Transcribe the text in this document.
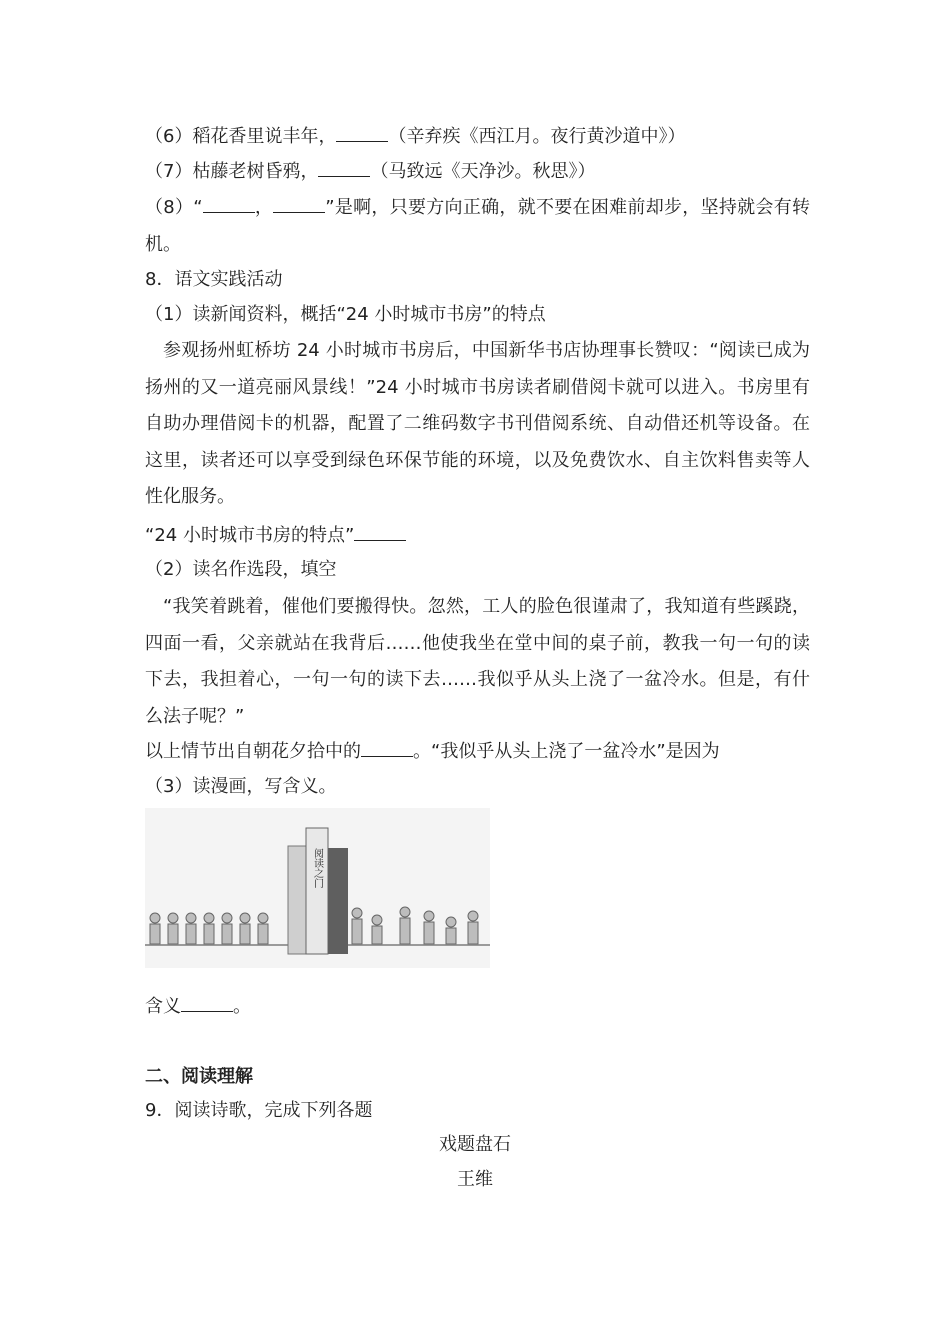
（6）稻花香里说丰年，	（辛弃疾《西江月。夜行黄沙道中》）
（7）枯藤老树昏鸦，	（马致远《天净沙。秋思》）
（8）“	，	”是啊，只要方向正确，就不要在困难前却步，坚持就会有转机。
8．语文实践活动
（1）读新闻资料，概括“24 小时城市书房”的特点
参观扬州虹桥坊 24 小时城市书房后，中国新华书店协理事长赞叹：“阅读已成为扬州的又一道亮丽风景线！”24 小时城市书房读者刷借阅卡就可以进入。书房里有自助办理借阅卡的机器，配置了二维码数字书刊借阅系统、自动借还机等设备。在这里，读者还可以享受到绿色环保节能的环境，以及免费饮水、自主饮料售卖等人性化服务。
“24 小时城市书房的特点”
（2）读名作选段，填空
“我笑着跳着，催他们要搬得快。忽然，工人的脸色很谨肃了，我知道有些蹊跷，四面一看，父亲就站在我背后……他使我坐在堂中间的桌子前，教我一句一句的读下去，我担着心，一句一句的读下去……我似乎从头上浇了一盆冷水。但是，有什么法子呢？”
以上情节出自朝花夕拾中的	。“我似乎从头上浇了一盆冷水”是因为
（3）读漫画，写含义。
阅读之门
含义	。
二、阅读理解
9．阅读诗歌，完成下列各题
戏题盘石
王维
